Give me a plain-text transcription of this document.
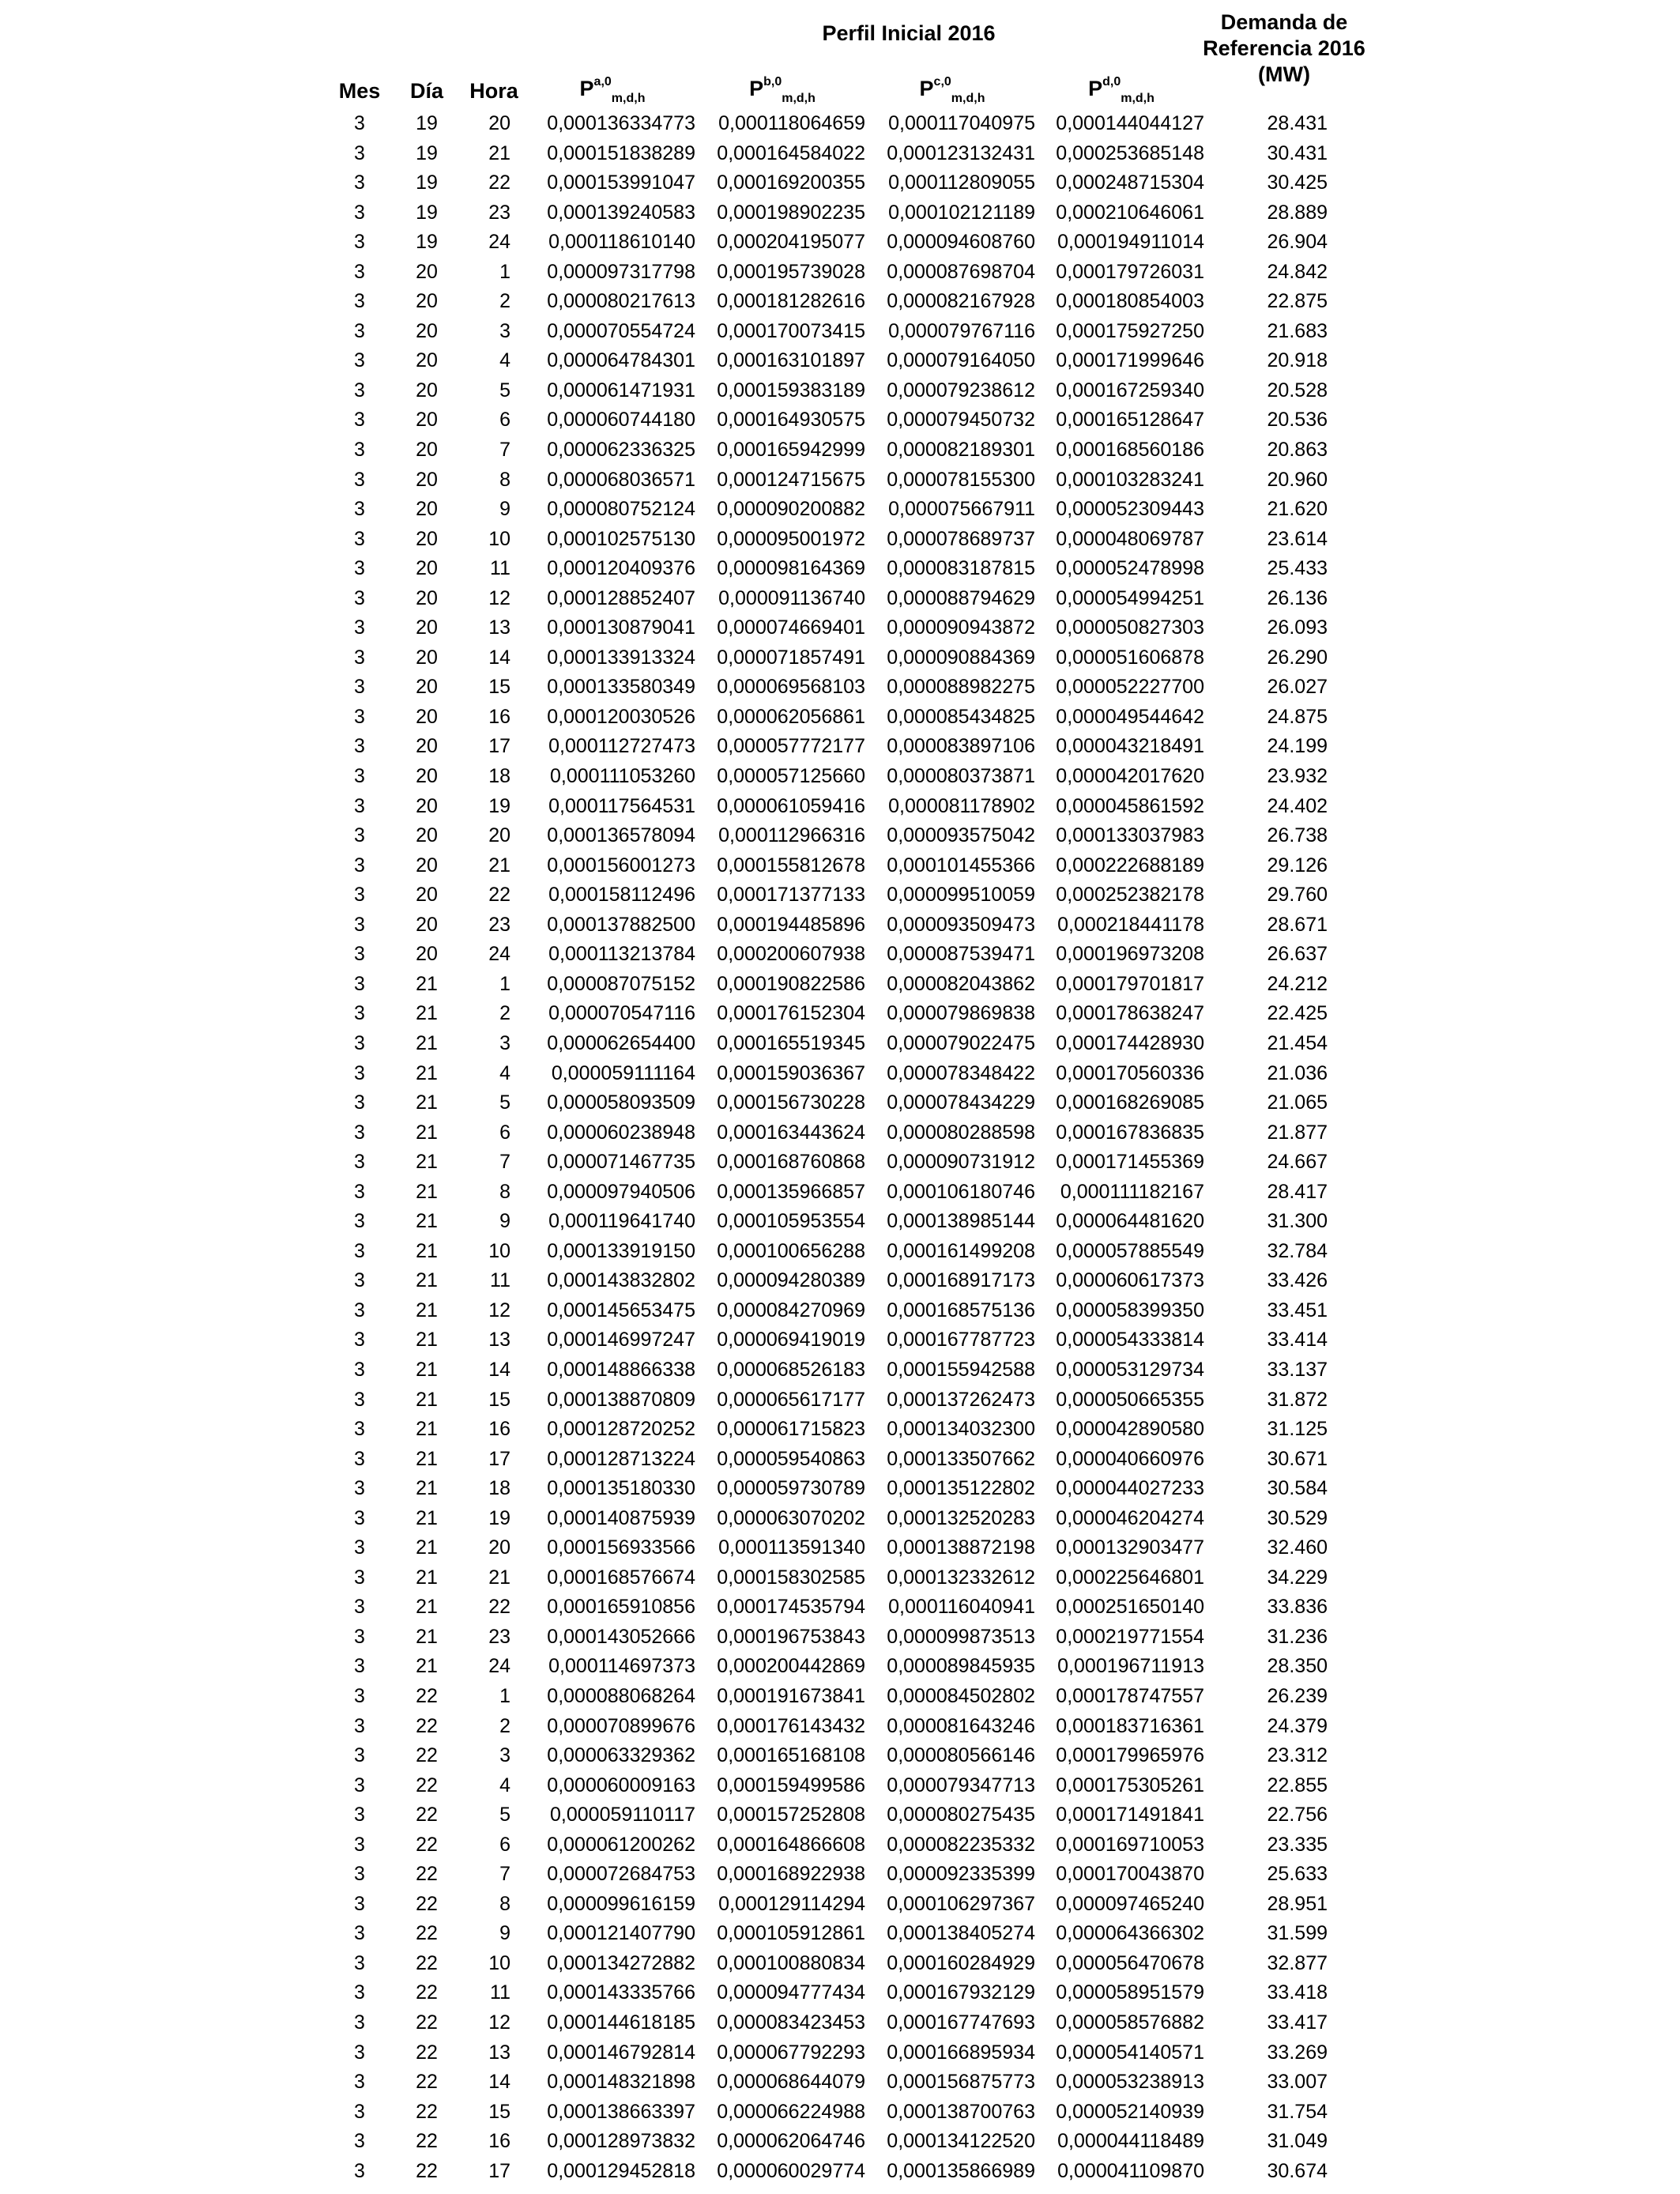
Perfil Inicial 2016	Demanda de
Referencia 2016
(MW)
Mes	Día	Hora	P$^{a,0}_{m,d,h}$	P$^{b,0}_{m,d,h}$	P$^{c,0}_{m,d,h}$	P$^{d,0}_{m,d,h}$
3	19	20	0,000136334773	0,000118064659	0,000117040975	0,000144044127	28.431
3	19	21	0,000151838289	0,000164584022	0,000123132431	0,000253685148	30.431
3	19	22	0,000153991047	0,000169200355	0,000112809055	0,000248715304	30.425
3	19	23	0,000139240583	0,000198902235	0,000102121189	0,000210646061	28.889
3	19	24	0,000118610140	0,000204195077	0,000094608760	0,000194911014	26.904
3	20	1	0,000097317798	0,000195739028	0,000087698704	0,000179726031	24.842
3	20	2	0,000080217613	0,000181282616	0,000082167928	0,000180854003	22.875
3	20	3	0,000070554724	0,000170073415	0,000079767116	0,000175927250	21.683
3	20	4	0,000064784301	0,000163101897	0,000079164050	0,000171999646	20.918
3	20	5	0,000061471931	0,000159383189	0,000079238612	0,000167259340	20.528
3	20	6	0,000060744180	0,000164930575	0,000079450732	0,000165128647	20.536
3	20	7	0,000062336325	0,000165942999	0,000082189301	0,000168560186	20.863
3	20	8	0,000068036571	0,000124715675	0,000078155300	0,000103283241	20.960
3	20	9	0,000080752124	0,000090200882	0,000075667911	0,000052309443	21.620
3	20	10	0,000102575130	0,000095001972	0,000078689737	0,000048069787	23.614
3	20	11	0,000120409376	0,000098164369	0,000083187815	0,000052478998	25.433
3	20	12	0,000128852407	0,000091136740	0,000088794629	0,000054994251	26.136
3	20	13	0,000130879041	0,000074669401	0,000090943872	0,000050827303	26.093
3	20	14	0,000133913324	0,000071857491	0,000090884369	0,000051606878	26.290
3	20	15	0,000133580349	0,000069568103	0,000088982275	0,000052227700	26.027
3	20	16	0,000120030526	0,000062056861	0,000085434825	0,000049544642	24.875
3	20	17	0,000112727473	0,000057772177	0,000083897106	0,000043218491	24.199
3	20	18	0,000111053260	0,000057125660	0,000080373871	0,000042017620	23.932
3	20	19	0,000117564531	0,000061059416	0,000081178902	0,000045861592	24.402
3	20	20	0,000136578094	0,000112966316	0,000093575042	0,000133037983	26.738
3	20	21	0,000156001273	0,000155812678	0,000101455366	0,000222688189	29.126
3	20	22	0,000158112496	0,000171377133	0,000099510059	0,000252382178	29.760
3	20	23	0,000137882500	0,000194485896	0,000093509473	0,000218441178	28.671
3	20	24	0,000113213784	0,000200607938	0,000087539471	0,000196973208	26.637
3	21	1	0,000087075152	0,000190822586	0,000082043862	0,000179701817	24.212
3	21	2	0,000070547116	0,000176152304	0,000079869838	0,000178638247	22.425
3	21	3	0,000062654400	0,000165519345	0,000079022475	0,000174428930	21.454
3	21	4	0,000059111164	0,000159036367	0,000078348422	0,000170560336	21.036
3	21	5	0,000058093509	0,000156730228	0,000078434229	0,000168269085	21.065
3	21	6	0,000060238948	0,000163443624	0,000080288598	0,000167836835	21.877
3	21	7	0,000071467735	0,000168760868	0,000090731912	0,000171455369	24.667
3	21	8	0,000097940506	0,000135966857	0,000106180746	0,000111182167	28.417
3	21	9	0,000119641740	0,000105953554	0,000138985144	0,000064481620	31.300
3	21	10	0,000133919150	0,000100656288	0,000161499208	0,000057885549	32.784
3	21	11	0,000143832802	0,000094280389	0,000168917173	0,000060617373	33.426
3	21	12	0,000145653475	0,000084270969	0,000168575136	0,000058399350	33.451
3	21	13	0,000146997247	0,000069419019	0,000167787723	0,000054333814	33.414
3	21	14	0,000148866338	0,000068526183	0,000155942588	0,000053129734	33.137
3	21	15	0,000138870809	0,000065617177	0,000137262473	0,000050665355	31.872
3	21	16	0,000128720252	0,000061715823	0,000134032300	0,000042890580	31.125
3	21	17	0,000128713224	0,000059540863	0,000133507662	0,000040660976	30.671
3	21	18	0,000135180330	0,000059730789	0,000135122802	0,000044027233	30.584
3	21	19	0,000140875939	0,000063070202	0,000132520283	0,000046204274	30.529
3	21	20	0,000156933566	0,000113591340	0,000138872198	0,000132903477	32.460
3	21	21	0,000168576674	0,000158302585	0,000132332612	0,000225646801	34.229
3	21	22	0,000165910856	0,000174535794	0,000116040941	0,000251650140	33.836
3	21	23	0,000143052666	0,000196753843	0,000099873513	0,000219771554	31.236
3	21	24	0,000114697373	0,000200442869	0,000089845935	0,000196711913	28.350
3	22	1	0,000088068264	0,000191673841	0,000084502802	0,000178747557	26.239
3	22	2	0,000070899676	0,000176143432	0,000081643246	0,000183716361	24.379
3	22	3	0,000063329362	0,000165168108	0,000080566146	0,000179965976	23.312
3	22	4	0,000060009163	0,000159499586	0,000079347713	0,000175305261	22.855
3	22	5	0,000059110117	0,000157252808	0,000080275435	0,000171491841	22.756
3	22	6	0,000061200262	0,000164866608	0,000082235332	0,000169710053	23.335
3	22	7	0,000072684753	0,000168922938	0,000092335399	0,000170043870	25.633
3	22	8	0,000099616159	0,000129114294	0,000106297367	0,000097465240	28.951
3	22	9	0,000121407790	0,000105912861	0,000138405274	0,000064366302	31.599
3	22	10	0,000134272882	0,000100880834	0,000160284929	0,000056470678	32.877
3	22	11	0,000143335766	0,000094777434	0,000167932129	0,000058951579	33.418
3	22	12	0,000144618185	0,000083423453	0,000167747693	0,000058576882	33.417
3	22	13	0,000146792814	0,000067792293	0,000166895934	0,000054140571	33.269
3	22	14	0,000148321898	0,000068644079	0,000156875773	0,000053238913	33.007
3	22	15	0,000138663397	0,000066224988	0,000138700763	0,000052140939	31.754
3	22	16	0,000128973832	0,000062064746	0,000134122520	0,000044118489	31.049
3	22	17	0,000129452818	0,000060029774	0,000135866989	0,000041109870	30.674
